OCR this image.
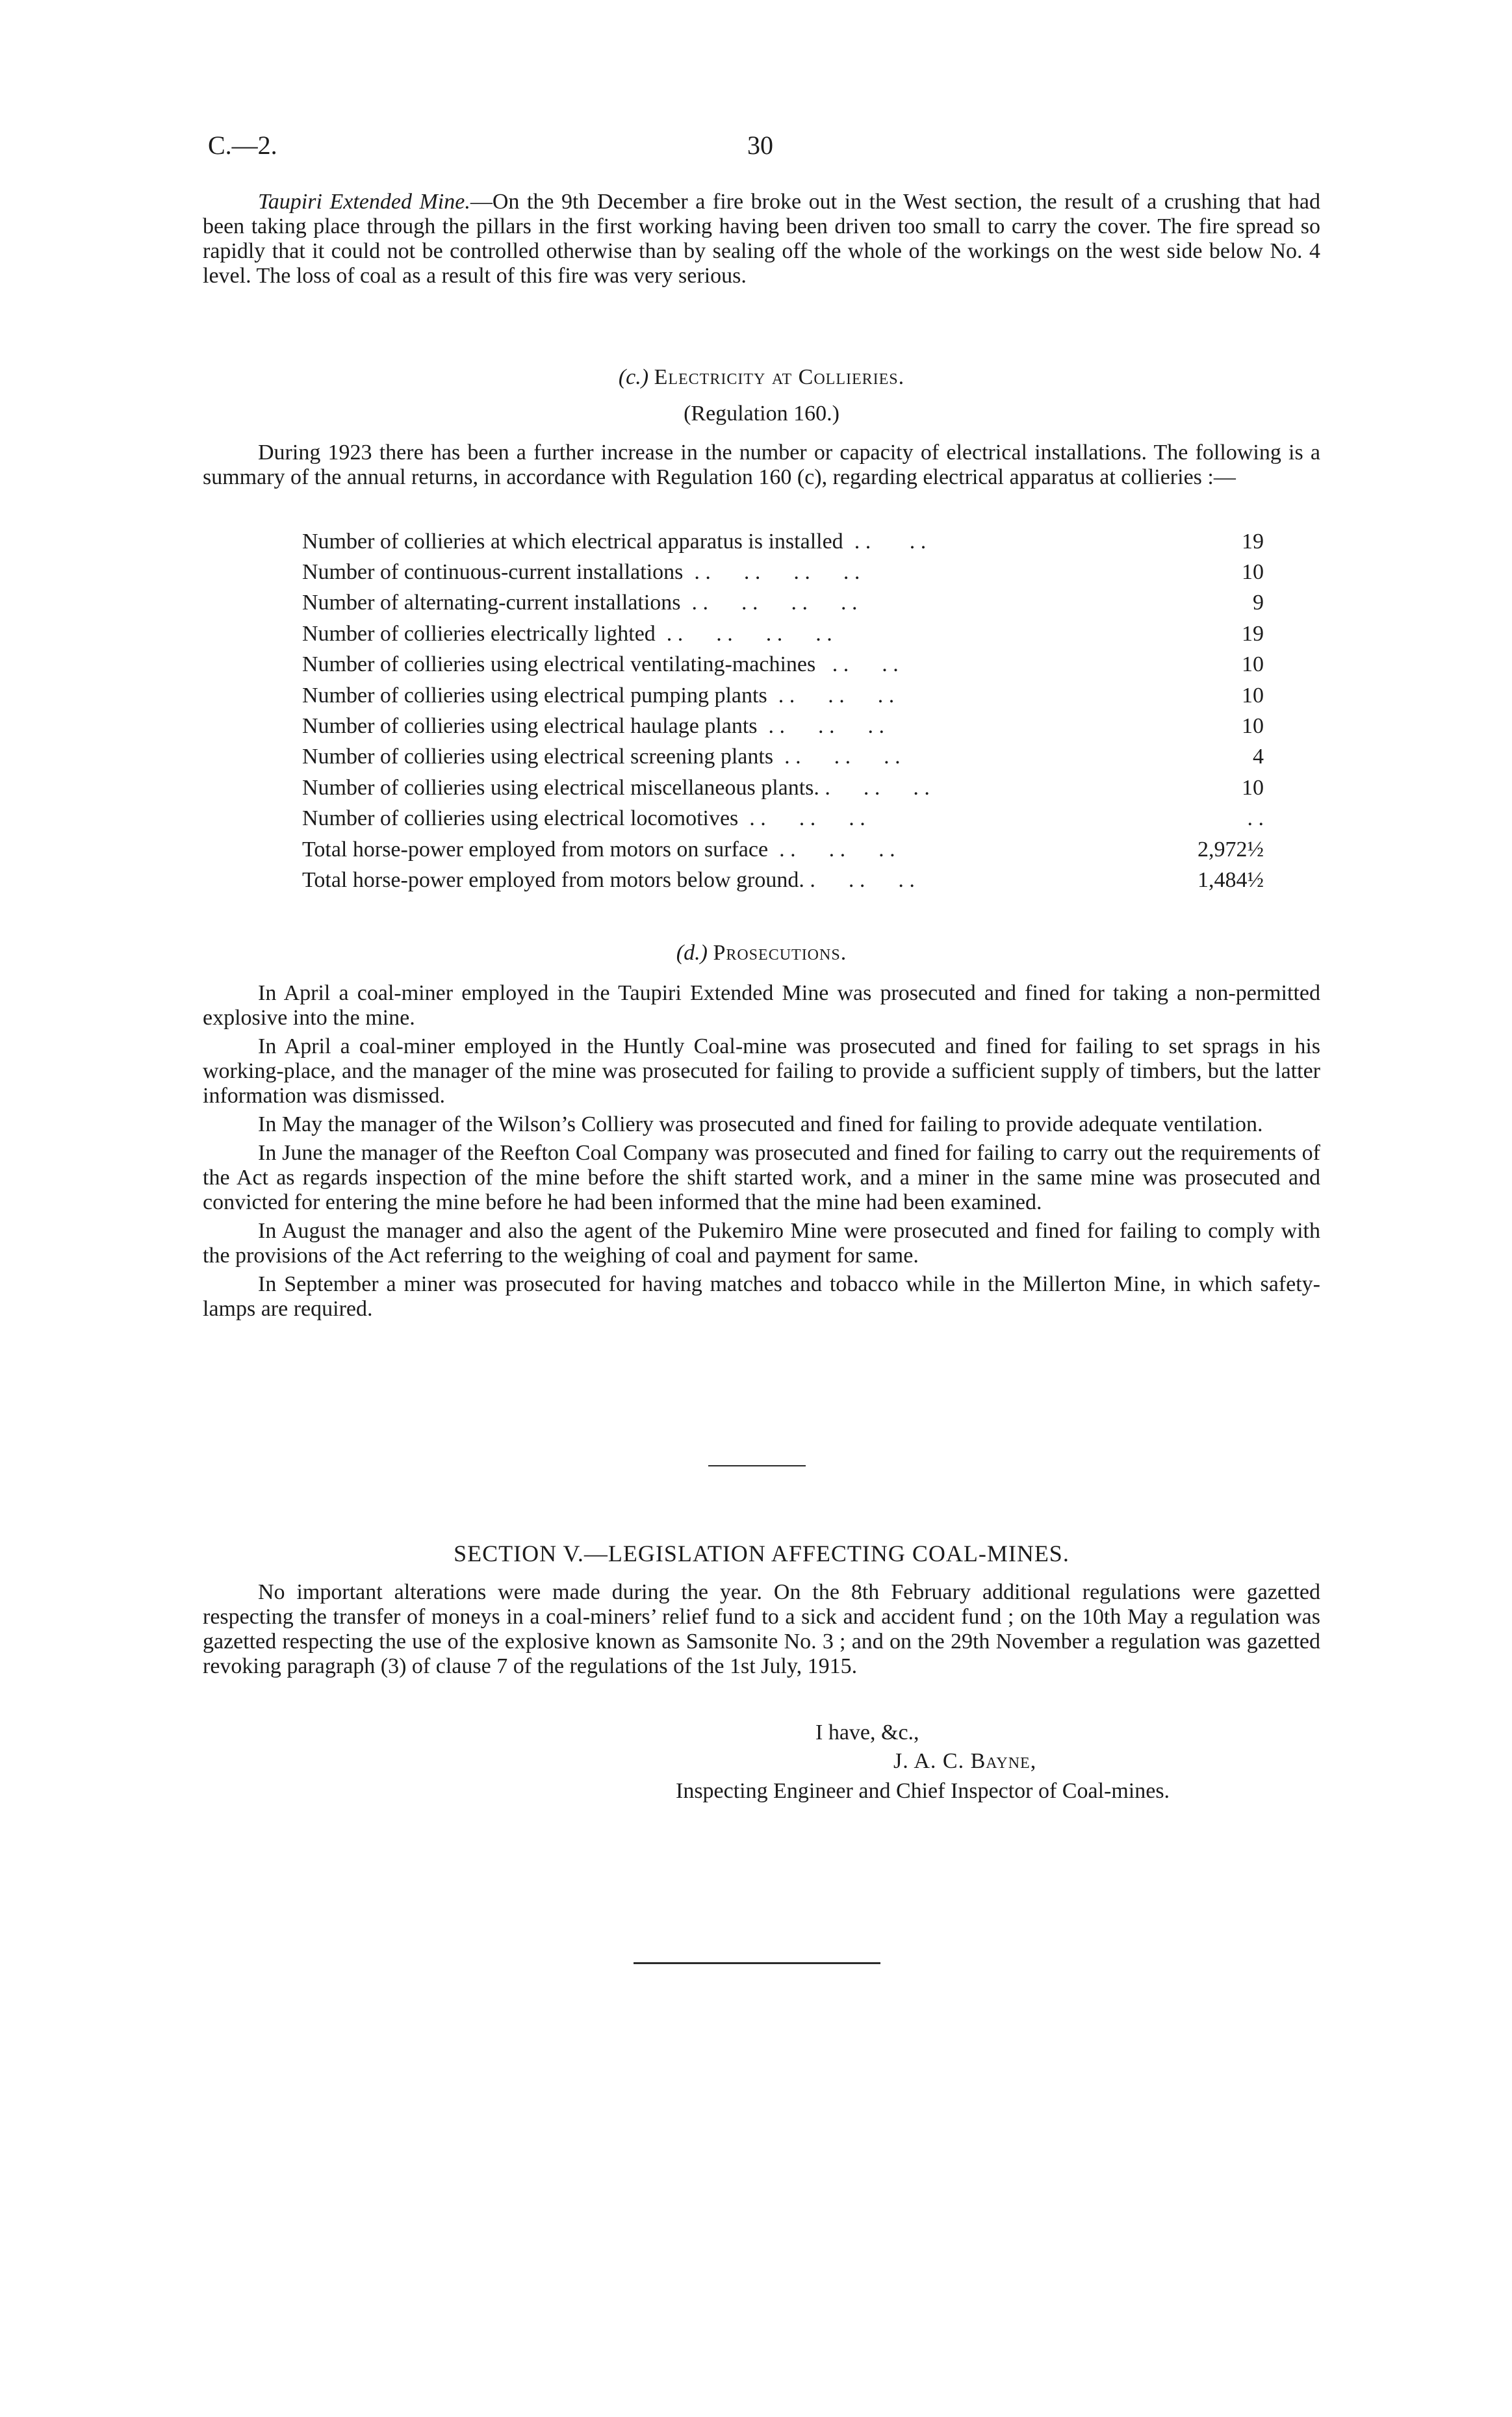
C.—2.	30

Taupiri Extended Mine.—On the 9th December a fire broke out in the West section, the result of a crushing that had been taking place through the pillars in the first working having been driven too small to carry the cover. The fire spread so rapidly that it could not be controlled otherwise than by sealing off the whole of the workings on the west side below No. 4 level. The loss of coal as a result of this fire was very serious.

(c.) Electricity at Collieries.
(Regulation 160.)

During 1923 there has been a further increase in the number or capacity of electrical installations. The following is a summary of the annual returns, in accordance with Regulation 160 (c), regarding electrical apparatus at collieries :—

Number of collieries at which electrical apparatus is installed  . .       . .	19
Number of continuous-current installations  . .      . .      . .      . .	10
Number of alternating-current installations  . .      . .      . .      . .	9
Number of collieries electrically lighted  . .      . .      . .      . .	19
Number of collieries using electrical ventilating-machines   . .      . .	10
Number of collieries using electrical pumping plants  . .      . .      . .	10
Number of collieries using electrical haulage plants  . .      . .      . .	10
Number of collieries using electrical screening plants  . .      . .      . .	4
Number of collieries using electrical miscellaneous plants. .      . .      . .	10
Number of collieries using electrical locomotives  . .      . .      . .	. .
Total horse-power employed from motors on surface  . .      . .      . .	2,972½
Total horse-power employed from motors below ground. .      . .      . .	1,484½
(d.) Prosecutions.

In April a coal-miner employed in the Taupiri Extended Mine was prosecuted and fined for taking a non-permitted explosive into the mine.

In April a coal-miner employed in the Huntly Coal-mine was prosecuted and fined for failing to set sprags in his working-place, and the manager of the mine was prosecuted for failing to provide a sufficient supply of timbers, but the latter information was dismissed.

In May the manager of the Wilson’s Colliery was prosecuted and fined for failing to provide adequate ventilation.

In June the manager of the Reefton Coal Company was prosecuted and fined for failing to carry out the requirements of the Act as regards inspection of the mine before the shift started work, and a miner in the same mine was prosecuted and convicted for entering the mine before he had been informed that the mine had been examined.

In August the manager and also the agent of the Pukemiro Mine were prosecuted and fined for failing to comply with the provisions of the Act referring to the weighing of coal and payment for same.

In September a miner was prosecuted for having matches and tobacco while in the Millerton Mine, in which safety-lamps are required.

SECTION V.—LEGISLATION AFFECTING COAL-MINES.

No important alterations were made during the year. On the 8th February additional regulations were gazetted respecting the transfer of moneys in a coal-miners’ relief fund to a sick and accident fund ; on the 10th May a regulation was gazetted respecting the use of the explosive known as Samsonite No. 3 ; and on the 29th November a regulation was gazetted revoking paragraph (3) of clause 7 of the regulations of the 1st July, 1915.

I have, &c.,
J. A. C. Bayne,
Inspecting Engineer and Chief Inspector of Coal-mines.
